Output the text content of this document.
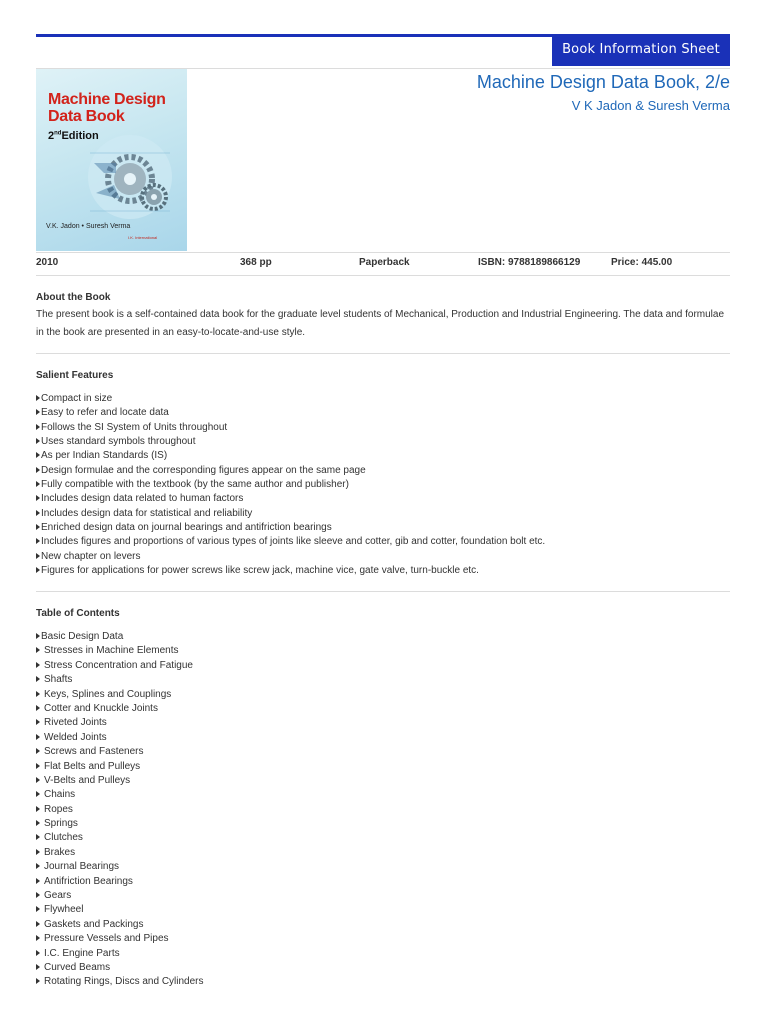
Book Information Sheet
Machine Design
Data Book
2ndEdition
V.K. Jadon • Suresh Verma
I.K. International
Machine Design Data Book, 2/e
V K Jadon & Suresh Verma
2010	368 pp	Paperback	ISBN: 9788189866129	Price: 445.00
About the Book
The present book is a self-contained data book for the graduate level students of Mechanical, Production and Industrial Engineering. The data and formulae in the book are presented in an easy-to-locate-and-use style.
Salient Features
Compact in size
Easy to refer and locate data
Follows the SI System of Units throughout
Uses standard symbols throughout
As per Indian Standards (IS)
Design formulae and the corresponding figures appear on the same page
Fully compatible with the textbook (by the same author and publisher)
Includes design data related to human factors
Includes design data for statistical and reliability
Enriched design data on journal bearings and antifriction bearings
Includes figures and proportions of various types of joints like sleeve and cotter, gib and cotter, foundation bolt etc.
New chapter on levers
Figures for applications for power screws like screw jack, machine vice, gate valve, turn-buckle etc.
Table of Contents
Basic Design Data
Stresses in Machine Elements
Stress Concentration and Fatigue
Shafts
Keys, Splines and Couplings
Cotter and Knuckle Joints
Riveted Joints
Welded Joints
Screws and Fasteners
Flat Belts and Pulleys
V-Belts and Pulleys
Chains
Ropes
Springs
Clutches
Brakes
Journal Bearings
Antifriction Bearings
Gears
Flywheel
Gaskets and Packings
Pressure Vessels and Pipes
I.C. Engine Parts
Curved Beams
Rotating Rings, Discs and Cylinders
